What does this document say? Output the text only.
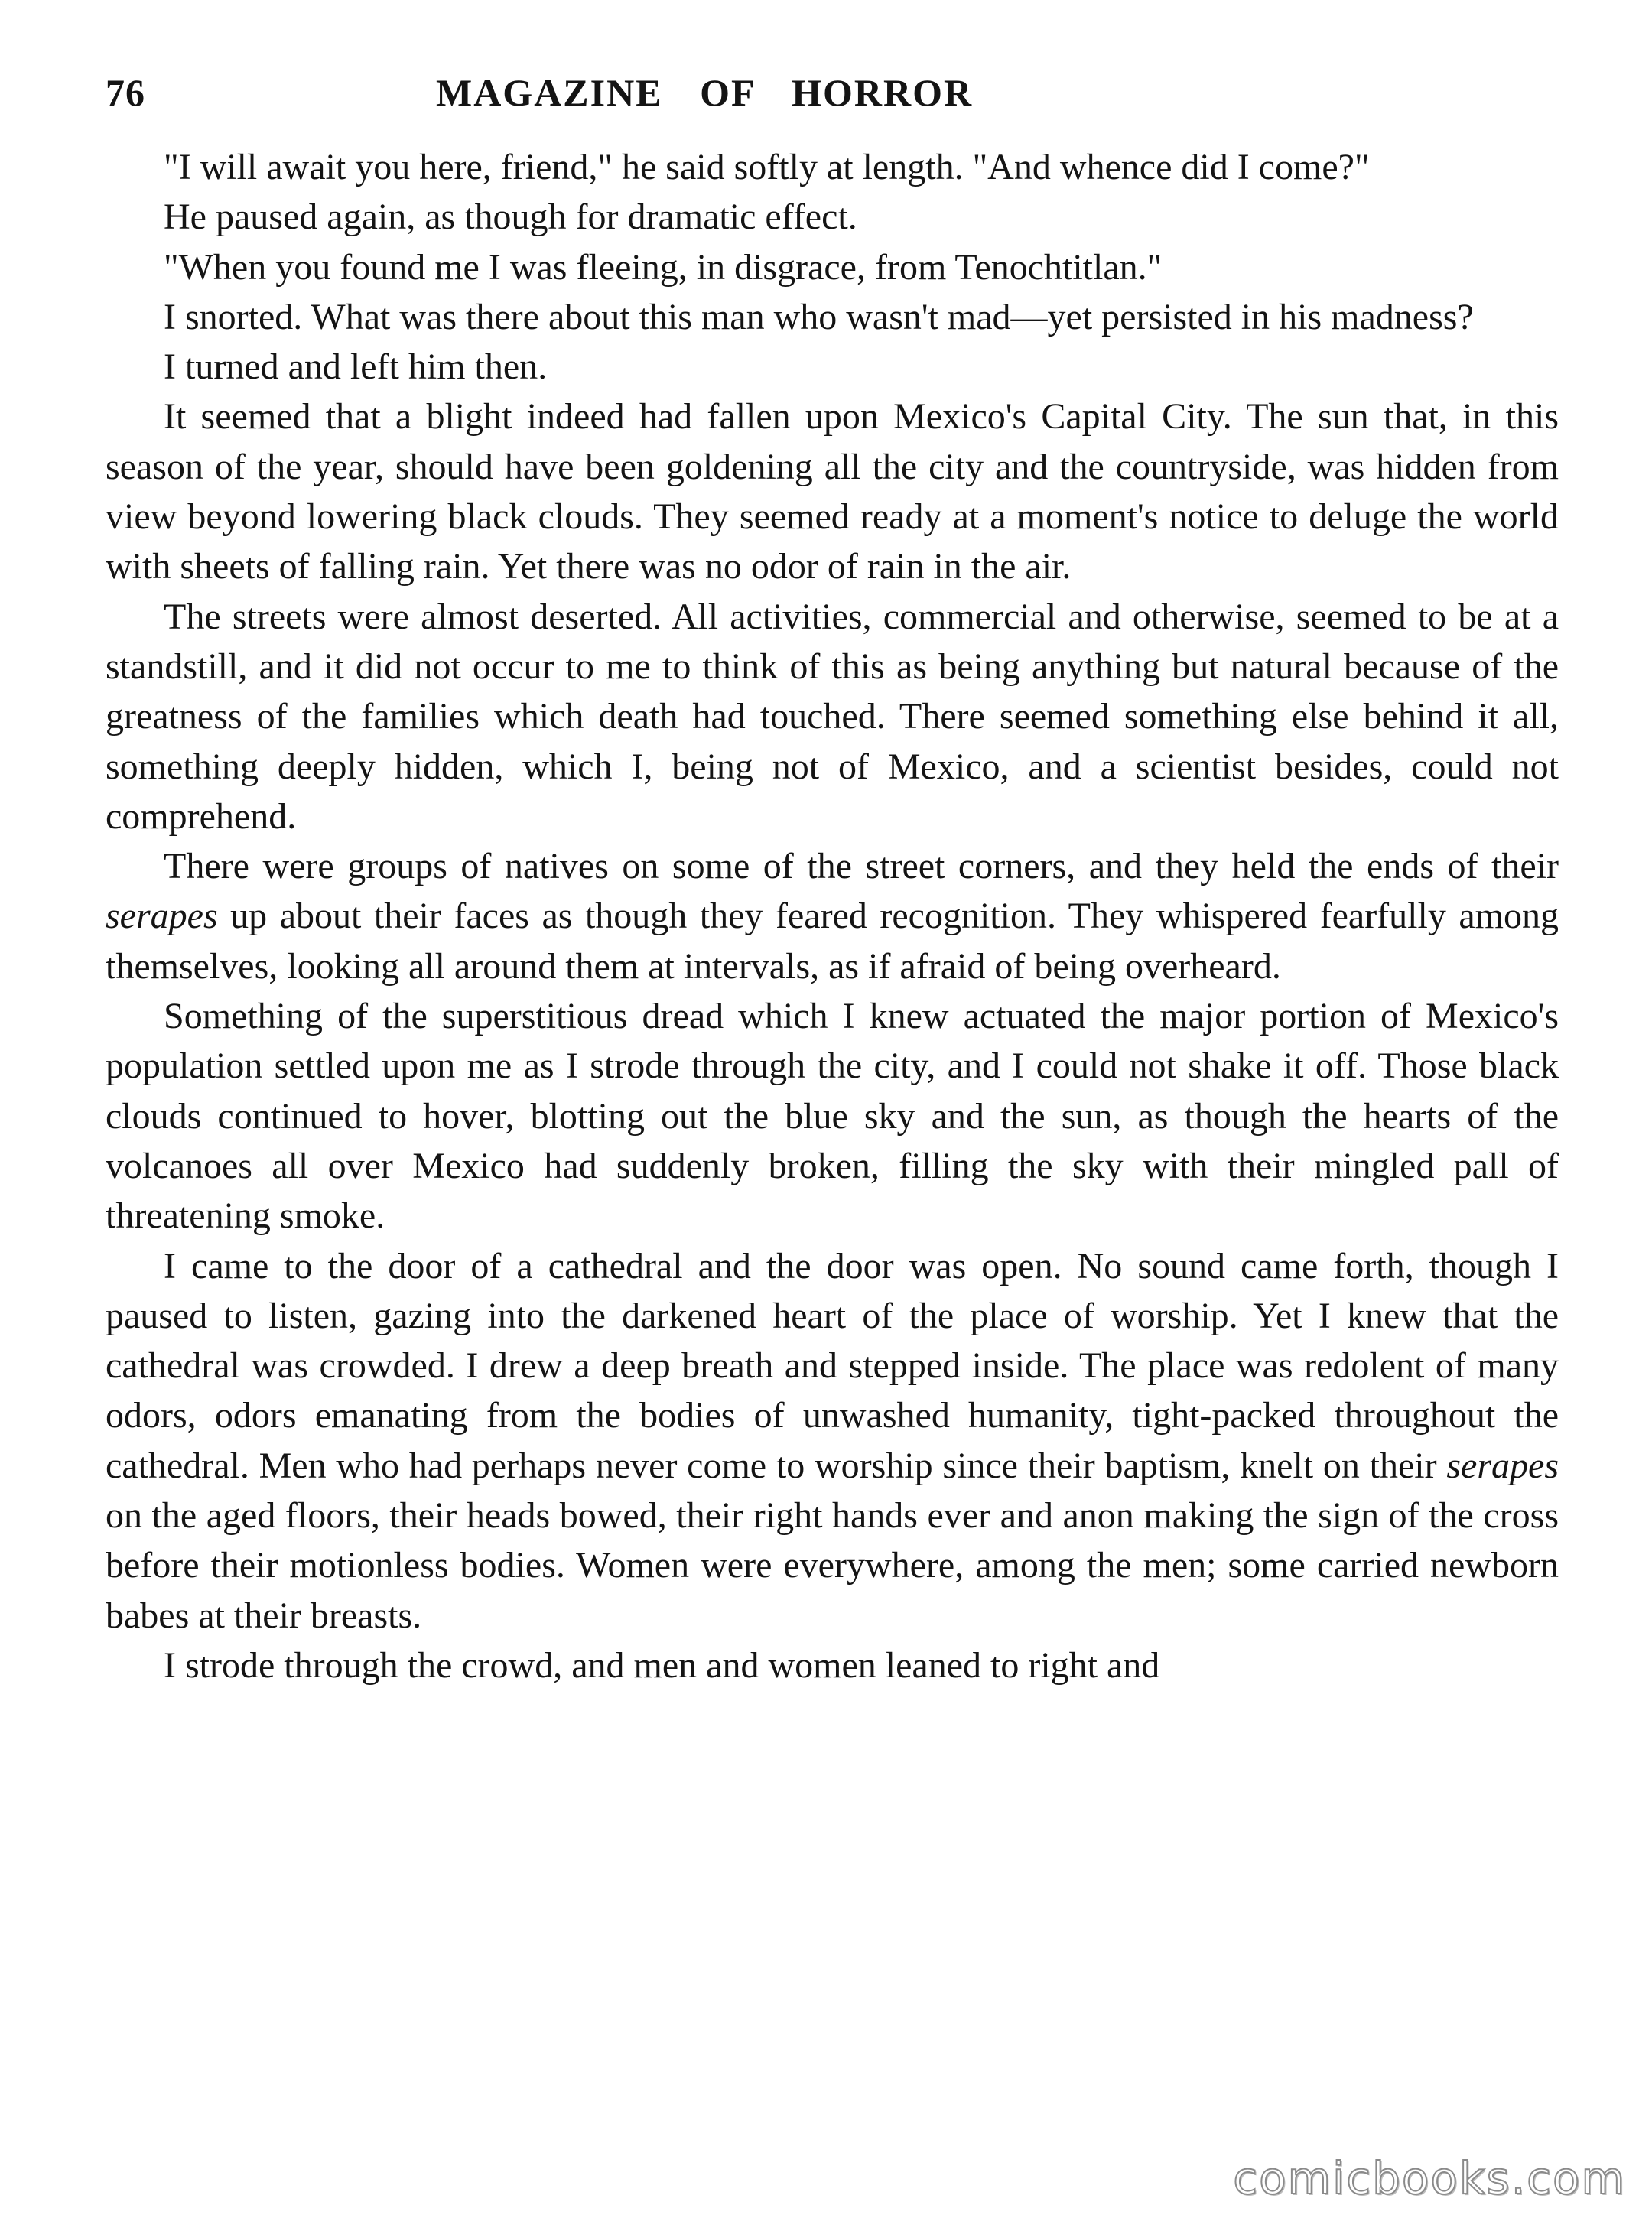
76	MAGAZINE OF HORROR

"I will await you here, friend," he said softly at length. "And whence did I come?"

He paused again, as though for dramatic effect.

"When you found me I was fleeing, in disgrace, from Tenochtitlan."

I snorted. What was there about this man who wasn't mad—yet persisted in his madness?

I turned and left him then.

It seemed that a blight indeed had fallen upon Mexico's Capital City. The sun that, in this season of the year, should have been goldening all the city and the countryside, was hidden from view beyond lowering black clouds. They seemed ready at a moment's notice to deluge the world with sheets of falling rain. Yet there was no odor of rain in the air.

The streets were almost deserted. All activities, commercial and otherwise, seemed to be at a standstill, and it did not occur to me to think of this as being anything but natural because of the greatness of the families which death had touched. There seemed something else behind it all, something deeply hidden, which I, being not of Mexico, and a scientist besides, could not comprehend.

There were groups of natives on some of the street corners, and they held the ends of their serapes up about their faces as though they feared recognition. They whispered fearfully among themselves, looking all around them at intervals, as if afraid of being overheard.

Something of the superstitious dread which I knew actuated the major portion of Mexico's population settled upon me as I strode through the city, and I could not shake it off. Those black clouds continued to hover, blotting out the blue sky and the sun, as though the hearts of the volcanoes all over Mexico had suddenly broken, filling the sky with their mingled pall of threatening smoke.

I came to the door of a cathedral and the door was open. No sound came forth, though I paused to listen, gazing into the darkened heart of the place of worship. Yet I knew that the cathedral was crowded. I drew a deep breath and stepped inside. The place was redolent of many odors, odors emanating from the bodies of unwashed humanity, tight-packed throughout the cathedral. Men who had perhaps never come to worship since their baptism, knelt on their serapes on the aged floors, their heads bowed, their right hands ever and anon making the sign of the cross before their motionless bodies. Women were everywhere, among the men; some carried newborn babes at their breasts.

I strode through the crowd, and men and women leaned to right and

comicbooks.com
